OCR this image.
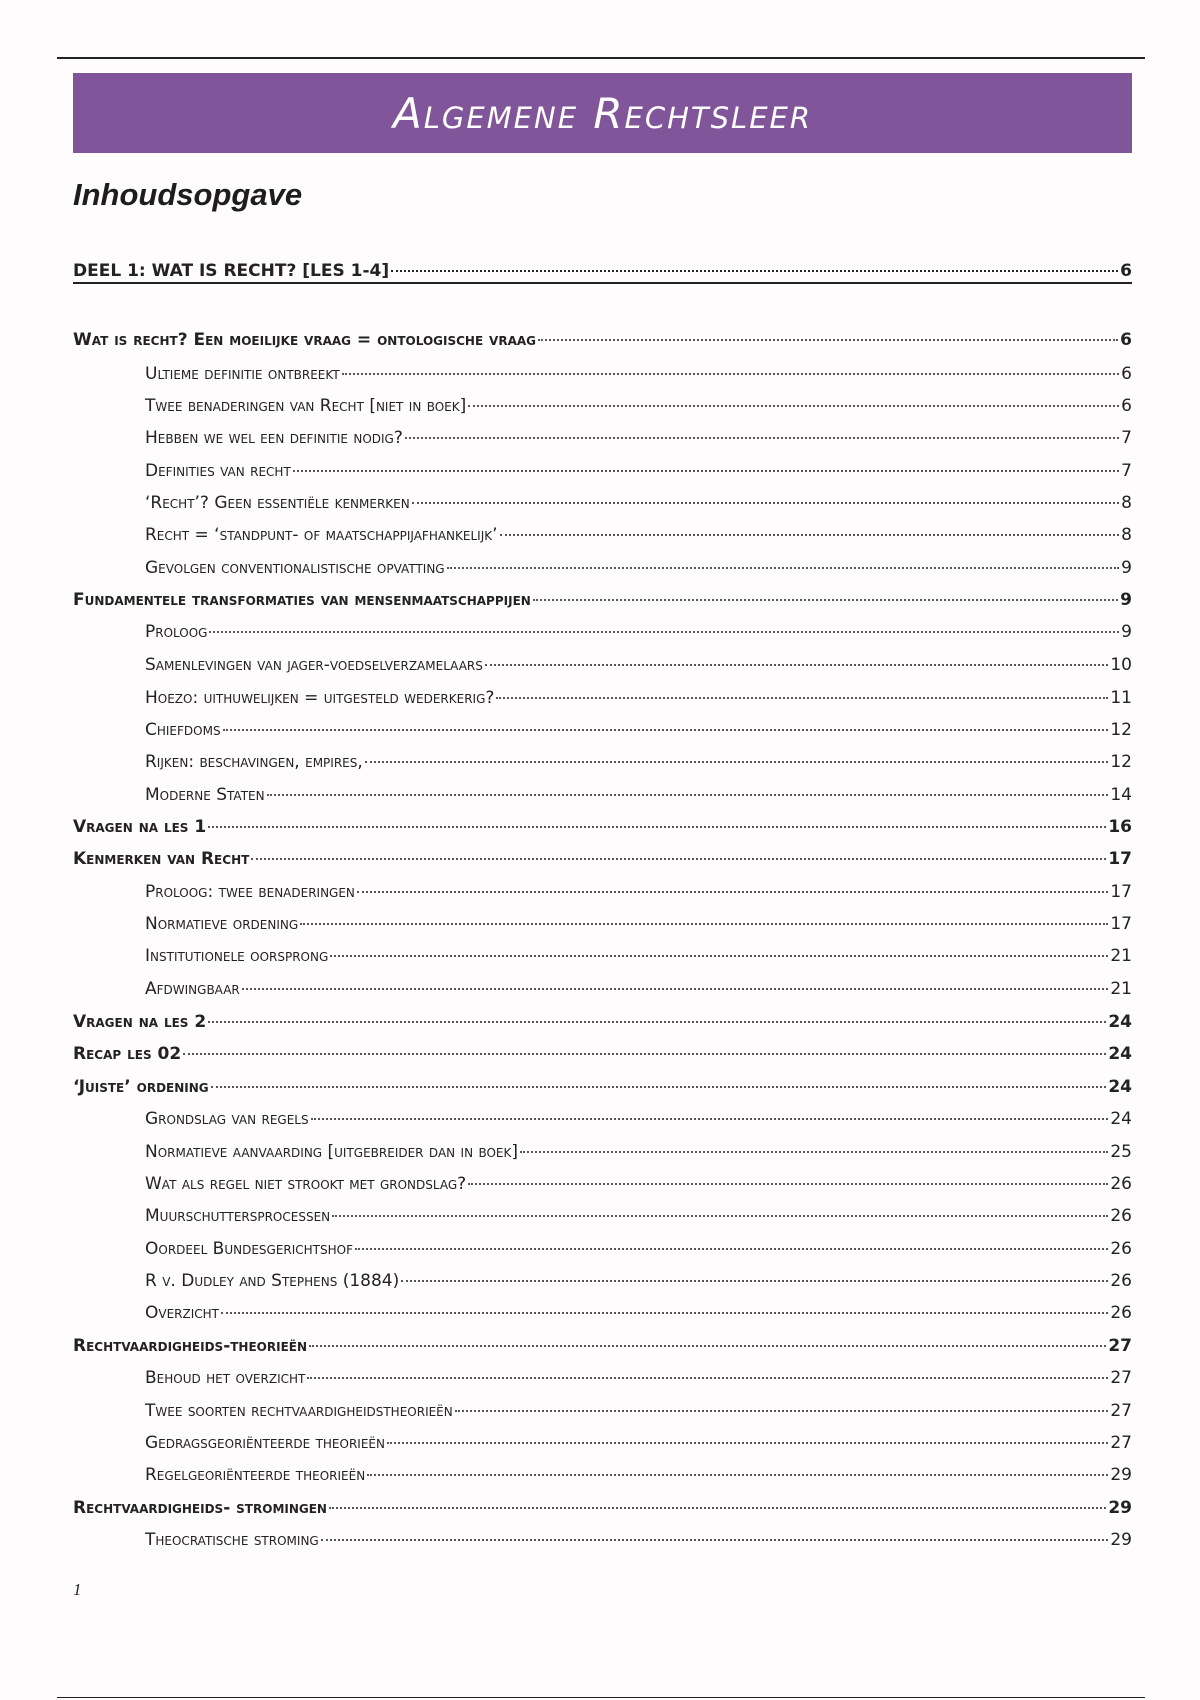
Algemene Rechtsleer
Inhoudsopgave
DEEL 1: WAT IS RECHT? [LES 1-4]	6
Wat is recht? Een moeilijke vraag = ontologische vraag	6
Ultieme definitie ontbreekt	6
Twee benaderingen van Recht [niet in boek]	6
Hebben we wel een definitie nodig?	7
Definities van recht	7
‘Recht’? Geen essentiële kenmerken	8
Recht = ‘standpunt- of maatschappijafhankelijk’	8
Gevolgen conventionalistische opvatting	9
Fundamentele transformaties van mensenmaatschappijen	9
Proloog	9
Samenlevingen van jager-voedselverzamelaars	10
Hoezo: uithuwelijken = uitgesteld wederkerig?	11
Chiefdoms	12
Rijken: beschavingen, empires,	12
Moderne Staten	14
Vragen na les 1	16
Kenmerken van Recht	17
Proloog: twee benaderingen	17
Normatieve ordening	17
Institutionele oorsprong	21
Afdwingbaar	21
Vragen na les 2	24
Recap les 02	24
‘Juiste’ ordening	24
Grondslag van regels	24
Normatieve aanvaarding [uitgebreider dan in boek]	25
Wat als regel niet strookt met grondslag?	26
Muurschuttersprocessen	26
Oordeel Bundesgerichtshof	26
R v. Dudley and Stephens (1884)	26
Overzicht	26
Rechtvaardigheids-theorieën	27
Behoud het overzicht	27
Twee soorten rechtvaardigheidstheorieën	27
Gedragsgeoriënteerde theorieën	27
Regelgeoriënteerde theorieën	29
Rechtvaardigheids- stromingen	29
Theocratische stroming	29
1
